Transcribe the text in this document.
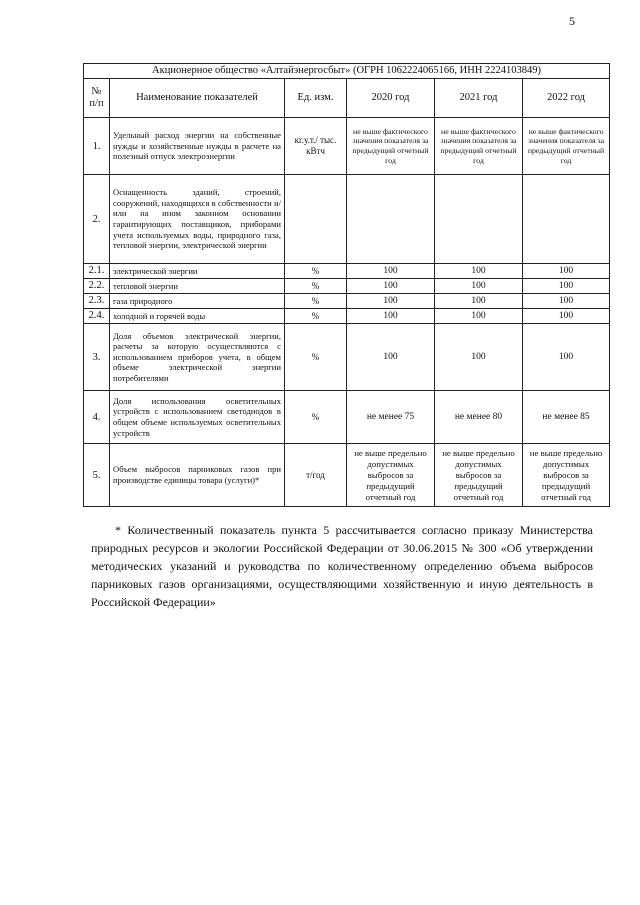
5
Акционерное общество «Алтайэнергосбыт» (ОГРН 1062224065166, ИНН 2224103849)					
№ п/п	Наименование показателей	Ед. изм.	2020 год	2021 год	2022 год
1.	Удельный расход энергии на собственные нужды и хозяйственные нужды в расчете на полезный отпуск электроэнергии	кг.у.т./ тыс. кВтч	не выше фактического значения показателя за предыдущий отчетный год	не выше фактического значения показателя за предыдущий отчетный год	не выше фактического значения показателя за предыдущий отчетный год
2.	Оснащенность зданий, строений, сооружений, находящихся в собственности и/или на ином законном основании гарантирующих поставщиков, приборами учета используемых воды, природного газа, тепловой энергии, электрической энергии				
2.1.	электрической энергии	%	100	100	100
2.2.	тепловой энергии	%	100	100	100
2.3.	газа природного	%	100	100	100
2.4.	холодной и горячей воды	%	100	100	100
3.	Доля объемов электрической энергии, расчеты за которую осуществляются с использованием приборов учета, в общем объеме электрической энергии потребителями	%	100	100	100
4.	Доля использования осветительных устройств с использованием светодиодов в общем объеме используемых осветительных устройств	%	не менее 75	не менее 80	не менее 85
5.	Объем выбросов парниковых газов при производстве единицы товара (услуги)*	т/год	не выше предельно допустимых выбросов за предыдущий отчетный год	не выше предельно допустимых выбросов за предыдущий отчетный год	не выше предельно допустимых выбросов за предыдущий отчетный год

* Количественный показатель пункта 5 рассчитывается согласно приказу Министерства природных ресурсов и экологии Российской Федерации от 30.06.2015 № 300 «Об утверждении методических указаний и руководства по количественному определению объема выбросов парниковых газов организациями, осуществляющими хозяйственную и иную деятельность в Российской Федерации»
